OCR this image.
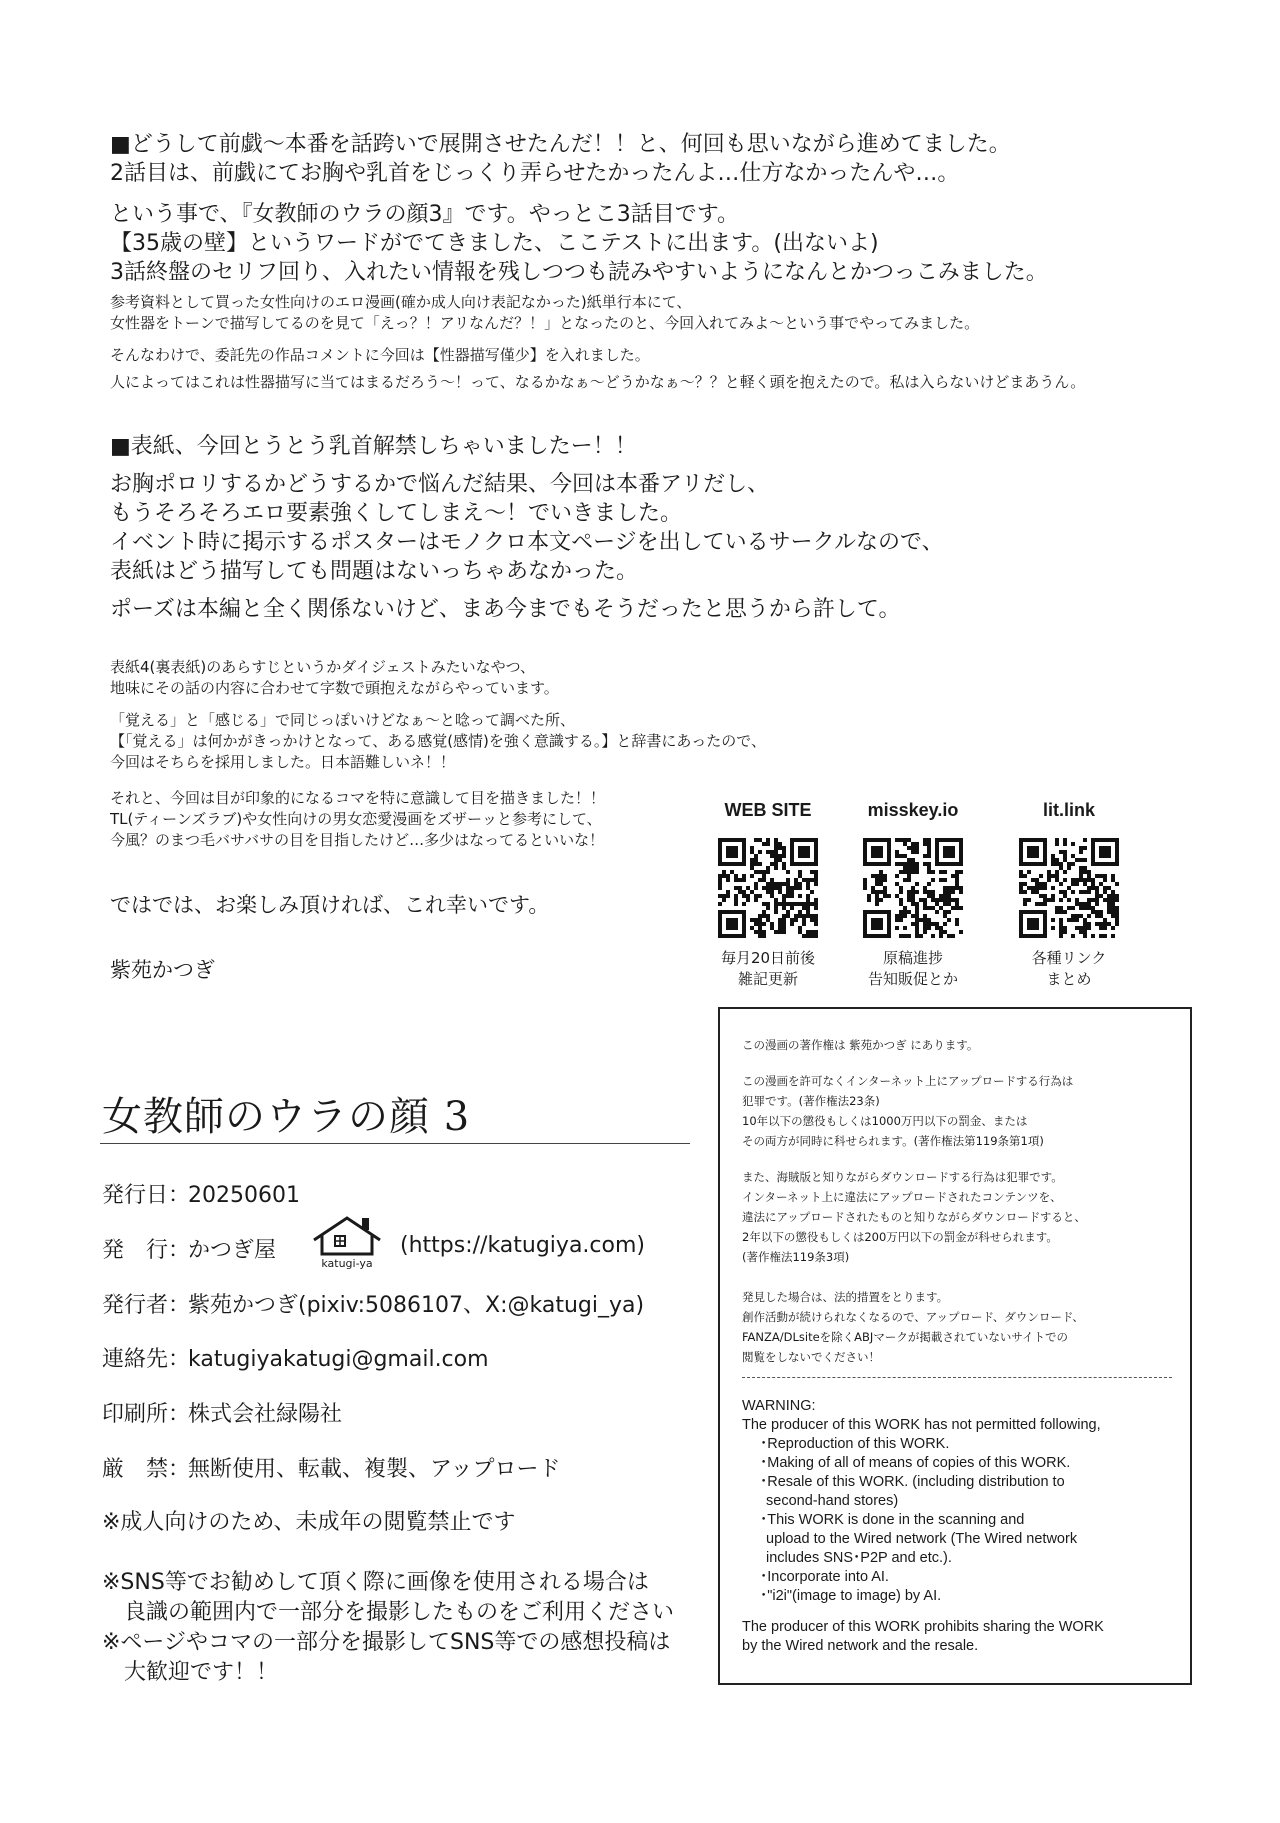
■どうして前戯～本番を話跨いで展開させたんだ！！と、何回も思いながら進めてました。
2話目は、前戯にてお胸や乳首をじっくり弄らせたかったんよ…仕方なかったんや…。
という事で、『女教師のウラの顔3』です。やっとこ3話目です。
【35歳の壁】というワードがでてきました、ここテストに出ます。(出ないよ)
3話終盤のセリフ回り、入れたい情報を残しつつも読みやすいようになんとかつっこみました。
参考資料として買った女性向けのエロ漫画(確か成人向け表記なかった)紙単行本にて、
女性器をトーンで描写してるのを見て「えっ？！アリなんだ？！」となったのと、今回入れてみよ～という事でやってみました。
そんなわけで、委託先の作品コメントに今回は【性器描写僅少】を入れました。
人によってはこれは性器描写に当てはまるだろう～！って、なるかなぁ～どうかなぁ～？？と軽く頭を抱えたので。私は入らないけどまあうん。
■表紙、今回とうとう乳首解禁しちゃいましたー！！
お胸ポロリするかどうするかで悩んだ結果、今回は本番アリだし、
もうそろそろエロ要素強くしてしまえ～！でいきました。
イベント時に掲示するポスターはモノクロ本文ページを出しているサークルなので、
表紙はどう描写しても問題はないっちゃあなかった。
ポーズは本編と全く関係ないけど、まあ今までもそうだったと思うから許して。
表紙4(裏表紙)のあらすじというかダイジェストみたいなやつ、
地味にその話の内容に合わせて字数で頭抱えながらやっています。
「覚える」と「感じる」で同じっぽいけどなぁ～と唸って調べた所、
【「覚える」は何かがきっかけとなって、ある感覚(感情)を強く意識する。】と辞書にあったので、
今回はそちらを採用しました。日本語難しいネ！！
それと、今回は目が印象的になるコマを特に意識して目を描きました！！
TL(ティーンズラブ)や女性向けの男女恋愛漫画をズザーッと参考にして、
今風？のまつ毛バサバサの目を目指したけど…多少はなってるといいな！
ではでは、お楽しみ頂ければ、これ幸いです。
紫苑かつぎ
WEB SITE
毎月20日前後
雑記更新
misskey.io
原稿進捗
告知販促とか
lit.link
各種リンク
まとめ
女教師のウラの顔 3
発行日：20250601
発　行：かつぎ屋
katugi-ya
(https://katugiya.com)
発行者：紫苑かつぎ(pixiv:5086107、X:@katugi_ya)
連絡先：katugiyakatugi@gmail.com
印刷所：株式会社緑陽社
厳　禁：無断使用、転載、複製、アップロード
※成人向けのため、未成年の閲覧禁止です
※SNS等でお勧めして頂く際に画像を使用される場合は
　良識の範囲内で一部分を撮影したものをご利用ください
※ページやコマの一部分を撮影してSNS等での感想投稿は
　大歓迎です！！
この漫画の著作権は 紫苑かつぎ にあります。
この漫画を許可なくインターネット上にアップロードする行為は
犯罪です。(著作権法23条)
10年以下の懲役もしくは1000万円以下の罰金、または
その両方が同時に科せられます。(著作権法第119条第1項)
また、海賊版と知りながらダウンロードする行為は犯罪です。
インターネット上に違法にアップロードされたコンテンツを、
違法にアップロードされたものと知りながらダウンロードすると、
2年以下の懲役もしくは200万円以下の罰金が科せられます。
(著作権法119条3項)
発見した場合は、法的措置をとります。
創作活動が続けられなくなるので、アップロード、ダウンロード、
FANZA/DLsiteを除くABJマークが掲載されていないサイトでの
閲覧をしないでください！
WARNING:
The producer of this WORK has not permitted following,
･Reproduction of this WORK.
･Making of all of means of copies of this WORK.
･Resale of this WORK. (including distribution to
second-hand stores)
･This WORK is done in the scanning and
upload to the Wired network (The Wired network
includes SNS･P2P and etc.).
･Incorporate into AI.
･"i2i"(image to image) by AI.
The producer of this WORK prohibits sharing the WORK
by the Wired network and the resale.
